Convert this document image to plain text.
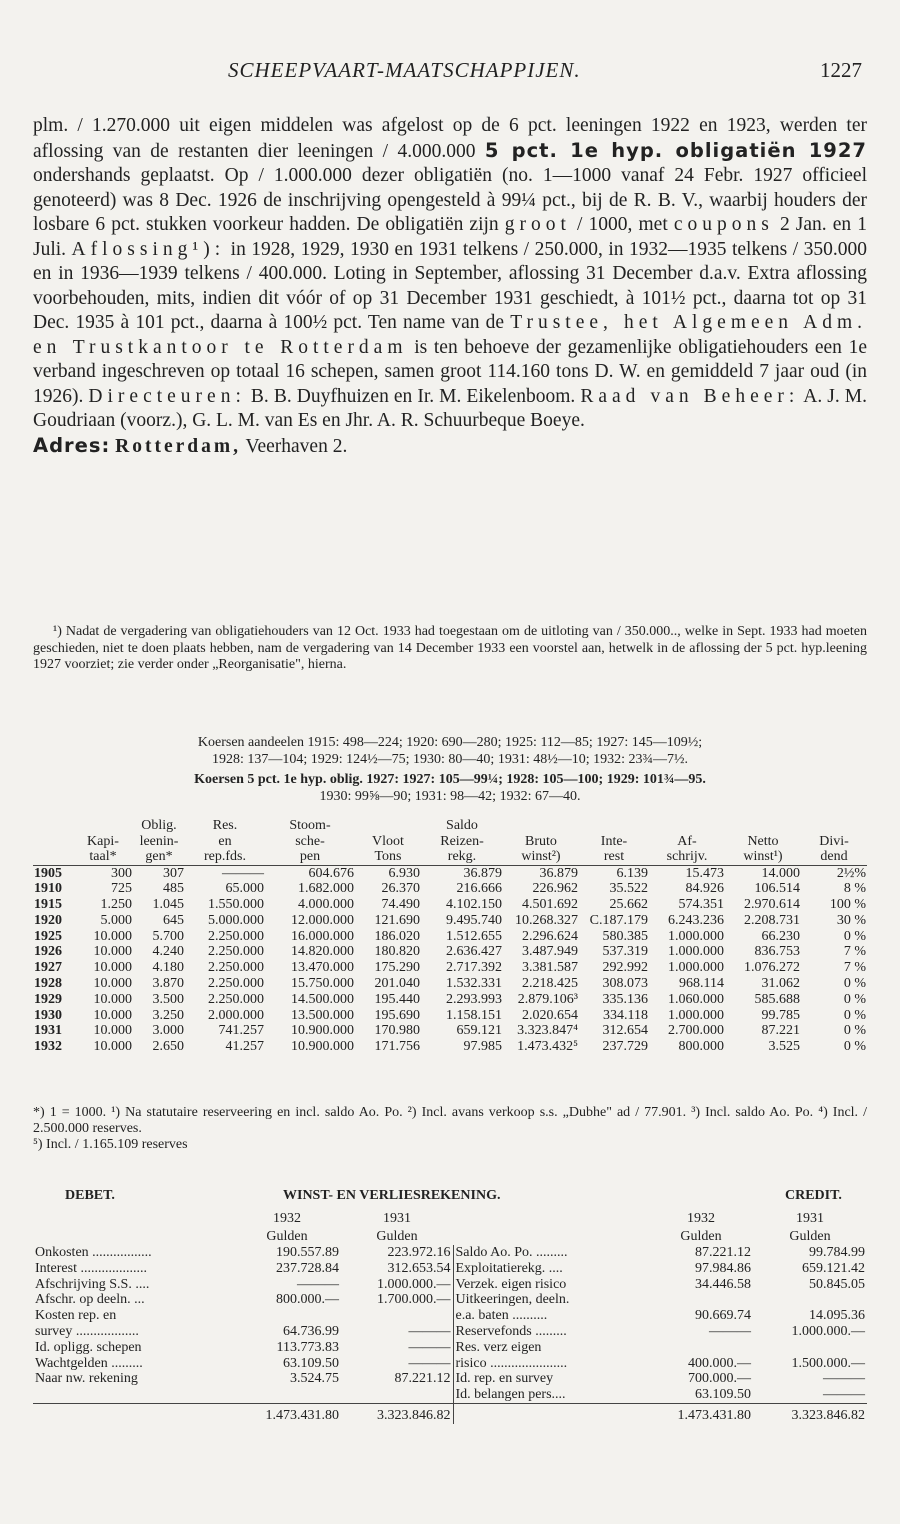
SCHEEPVAART-MAATSCHAPPIJEN.	1227

plm. / 1.270.000 uit eigen middelen was afgelost op de 6 pct. leeningen 1922 en 1923, werden ter aflossing van de restanten dier leeningen / 4.000.000 5 pct. 1e hyp. obligatiën 1927 ondershands geplaatst. Op / 1.000.000 dezer obligatiën (no. 1—1000 vanaf 24 Febr. 1927 officieel genoteerd) was 8 Dec. 1926 de inschrijving opengesteld à 99¼ pct., bij de R. B. V., waarbij houders der losbare 6 pct. stukken voorkeur hadden. De obligatiën zijn groot / 1000, met coupons 2 Jan. en 1 Juli. Aflossing¹): in 1928, 1929, 1930 en 1931 telkens / 250.000, in 1932—1935 telkens / 350.000 en in 1936—1939 telkens / 400.000. Loting in September, aflossing 31 December d.a.v. Extra aflossing voorbehouden, mits, indien dit vóór of op 31 December 1931 geschiedt, à 101½ pct., daarna tot op 31 Dec. 1935 à 101 pct., daarna à 100½ pct. Ten name van de Trustee, het Algemeen Adm. en Trustkantoor te Rotterdam is ten behoeve der gezamenlijke obligatiehouders een 1e verband ingeschreven op totaal 16 schepen, samen groot 114.160 tons D. W. en gemiddeld 7 jaar oud (in 1926). Directeuren: B. B. Duyfhuizen en Ir. M. Eikelenboom. Raad van Beheer: A. J. M. Goudriaan (voorz.), G. L. M. van Es en Jhr. A. R. Schuurbeque Boeye.

Adres: Rotterdam, Veerhaven 2.

¹) Nadat de vergadering van obligatiehouders van 12 Oct. 1933 had toegestaan om de uitloting van / 350.000.., welke in Sept. 1933 had moeten geschieden, niet te doen plaats hebben, nam de vergadering van 14 December 1933 een voorstel aan, hetwelk in de aflossing der 5 pct. hyp.leening 1927 voorziet; zie verder onder „Reorganisatie", hierna.

Koersen aandeelen 1915: 498—224; 1920: 690—280; 1925: 112—85; 1927: 145—109½;

1928: 137—104; 1929: 124½—75; 1930: 80—40; 1931: 48½—10; 1932: 23¾—7½.

Koersen 5 pct. 1e hyp. oblig. 1927: 1927: 105—99¼; 1928: 105—100; 1929: 101¾—95.

1930: 99⅝—90; 1931: 98—42; 1932: 67—40.

		Oblig.	Res.	Stoom-		Saldo					
	Kapi-	leenin-	en	sche-	Vloot	Reizen-	Bruto	Inte-	Af-	Netto	Divi-
	taal*	gen*	rep.fds.	pen	Tons	rekg.	winst²)	rest	schrijv.	winst¹)	dend
1905	300	307	———	604.676	6.930	36.879	36.879	6.139	15.473	14.000	2½%
1910	725	485	65.000	1.682.000	26.370	216.666	226.962	35.522	84.926	106.514	8 %
1915	1.250	1.045	1.550.000	4.000.000	74.490	4.102.150	4.501.692	25.662	574.351	2.970.614	100 %
1920	5.000	645	5.000.000	12.000.000	121.690	9.495.740	10.268.327	C.187.179	6.243.236	2.208.731	30 %
1925	10.000	5.700	2.250.000	16.000.000	186.020	1.512.655	2.296.624	580.385	1.000.000	66.230	0 %
1926	10.000	4.240	2.250.000	14.820.000	180.820	2.636.427	3.487.949	537.319	1.000.000	836.753	7 %
1927	10.000	4.180	2.250.000	13.470.000	175.290	2.717.392	3.381.587	292.992	1.000.000	1.076.272	7 %
1928	10.000	3.870	2.250.000	15.750.000	201.040	1.532.331	2.218.425	308.073	968.114	31.062	0 %
1929	10.000	3.500	2.250.000	14.500.000	195.440	2.293.993	2.879.106³	335.136	1.060.000	585.688	0 %
1930	10.000	3.250	2.000.000	13.500.000	195.690	1.158.151	2.020.654	334.118	1.000.000	99.785	0 %
1931	10.000	3.000	741.257	10.900.000	170.980	659.121	3.323.847⁴	312.654	2.700.000	87.221	0 %
1932	10.000	2.650	41.257	10.900.000	171.756	97.985	1.473.432⁵	237.729	800.000	3.525	0 %

*) 1 = 1000. ¹) Na statutaire reserveering en incl. saldo Ao. Po. ²) Incl. avans verkoop s.s. „Dubhe" ad / 77.901. ³) Incl. saldo Ao. Po. ⁴) Incl. / 2.500.000 reserves.

⁵) Incl. / 1.165.109 reserves

DEBET.	WINST- EN VERLIESREKENING.	CREDIT.
	1932	1931		1932	1931
	Gulden	Gulden		Gulden	Gulden
Onkosten .................	190.557.89	223.972.16	Saldo Ao. Po. .........	87.221.12	99.784.99
Interest ...................	237.728.84	312.653.54	Exploitatierekg. ....	97.984.86	659.121.42
Afschrijving S.S. ....	———	1.000.000.—	Verzek. eigen risico	34.446.58	50.845.05
Afschr. op deeln. ...	800.000.—	1.700.000.—	Uitkeeringen, deeln.		
Kosten rep. en			e.a. baten ..........	90.669.74	14.095.36
survey ..................	64.736.99	———	Reservefonds .........	———	1.000.000.—
Id. opligg. schepen	113.773.83	———	Res. verz eigen		
Wachtgelden .........	63.109.50	———	risico ......................	400.000.—	1.500.000.—
Naar nw. rekening	3.524.75	87.221.12	Id. rep. en survey	700.000.—	———
			Id. belangen pers....	63.109.50	———
	1.473.431.80	3.323.846.82		1.473.431.80	3.323.846.82
